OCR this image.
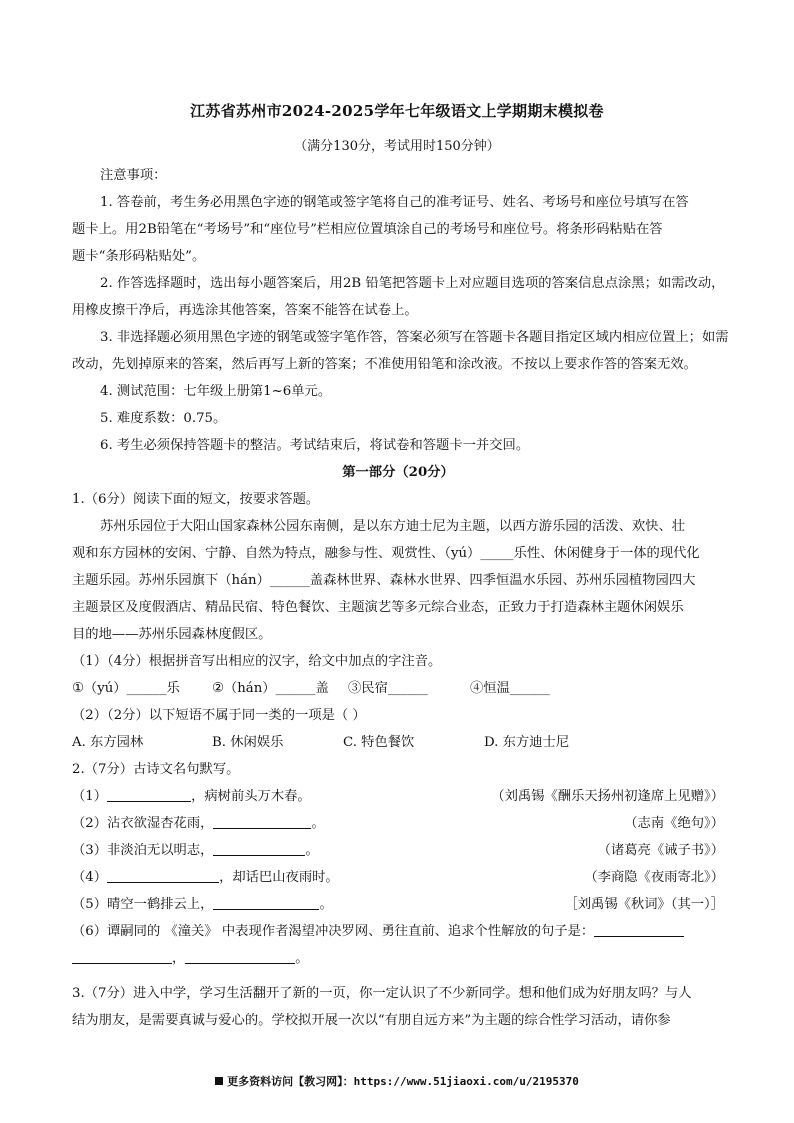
江苏省苏州市2024-2025学年七年级语文上学期期末模拟卷
（满分130分，考试用时150分钟）
注意事项：
1. 答卷前，考生务必用黑色字迹的钢笔或签字笔将自己的准考证号、姓名、考场号和座位号填写在答
题卡上。用2B铅笔在“考场号”和“座位号”栏相应位置填涂自己的考场号和座位号。将条形码粘贴在答
题卡“条形码粘贴处”。
2. 作答选择题时，选出每小题答案后，用2B 铅笔把答题卡上对应题目选项的答案信息点涂黑；如需改动，
用橡皮擦干净后，再选涂其他答案，答案不能答在试卷上。
3. 非选择题必须用黑色字迹的钢笔或签字笔作答，答案必须写在答题卡各题目指定区域内相应位置上；如需
改动，先划掉原来的答案，然后再写上新的答案；不准使用铅笔和涂改液。不按以上要求作答的答案无效。
4. 测试范围：七年级上册第1~6单元。
5. 难度系数：0.75。
6. 考生必须保持答题卡的整洁。考试结束后，将试卷和答题卡一并交回。
第一部分（20分）
1.（6分）阅读下面的短文，按要求答题。
苏州乐园位于大阳山国家森林公园东南侧，是以东方迪士尼为主题，以西方游乐园的活泼、欢快、壮
观和东方园林的安闲、宁静、自然为特点，融参与性、观赏性、（yú）_____乐性、休闲健身于一体的现代化
主题乐园。苏州乐园旗下（hán）______盖森林世界、森林水世界、四季恒温水乐园、苏州乐园植物园四大
主题景区及度假酒店、精品民宿、特色餐饮、主题演艺等多元综合业态，正致力于打造森林主题休闲娱乐
目的地——苏州乐园森林度假区。
（1）（4分）根据拼音写出相应的汉字，给文中加点的字注音。
①（yú）______乐	②（hán）______盖	③民宿______	④恒温______
（2）（2分）以下短语不属于同一类的一项是（ ）
A. 东方园林	B. 休闲娱乐	C. 特色餐饮	D. 东方迪士尼
2.（7分）古诗文名句默写。
（1）	，病树前头万木春。	（刘禹锡《酬乐天扬州初逢席上见赠》）
（2）沾衣欲湿杏花雨，	。	（志南《绝句》）
（3）非淡泊无以明志，	。	（诸葛亮《诫子书》）
（4）	，却话巴山夜雨时。	（李商隐《夜雨寄北》）
（5）晴空一鹤排云上，	。	［刘禹锡《秋词》（其一）］
（6）谭嗣同的 《潼关》 中表现作者渴望冲决罗网、勇往直前、追求个性解放的句子是：
，	。
3.（7分）进入中学，学习生活翻开了新的一页，你一定认识了不少新同学。想和他们成为好朋友吗？与人
结为朋友，是需要真诚与爱心的。学校拟开展一次以“有朋自远方来”为主题的综合性学习活动，请你参
更多资料访问【教习网】：https://www.51jiaoxi.com/u/2195370
